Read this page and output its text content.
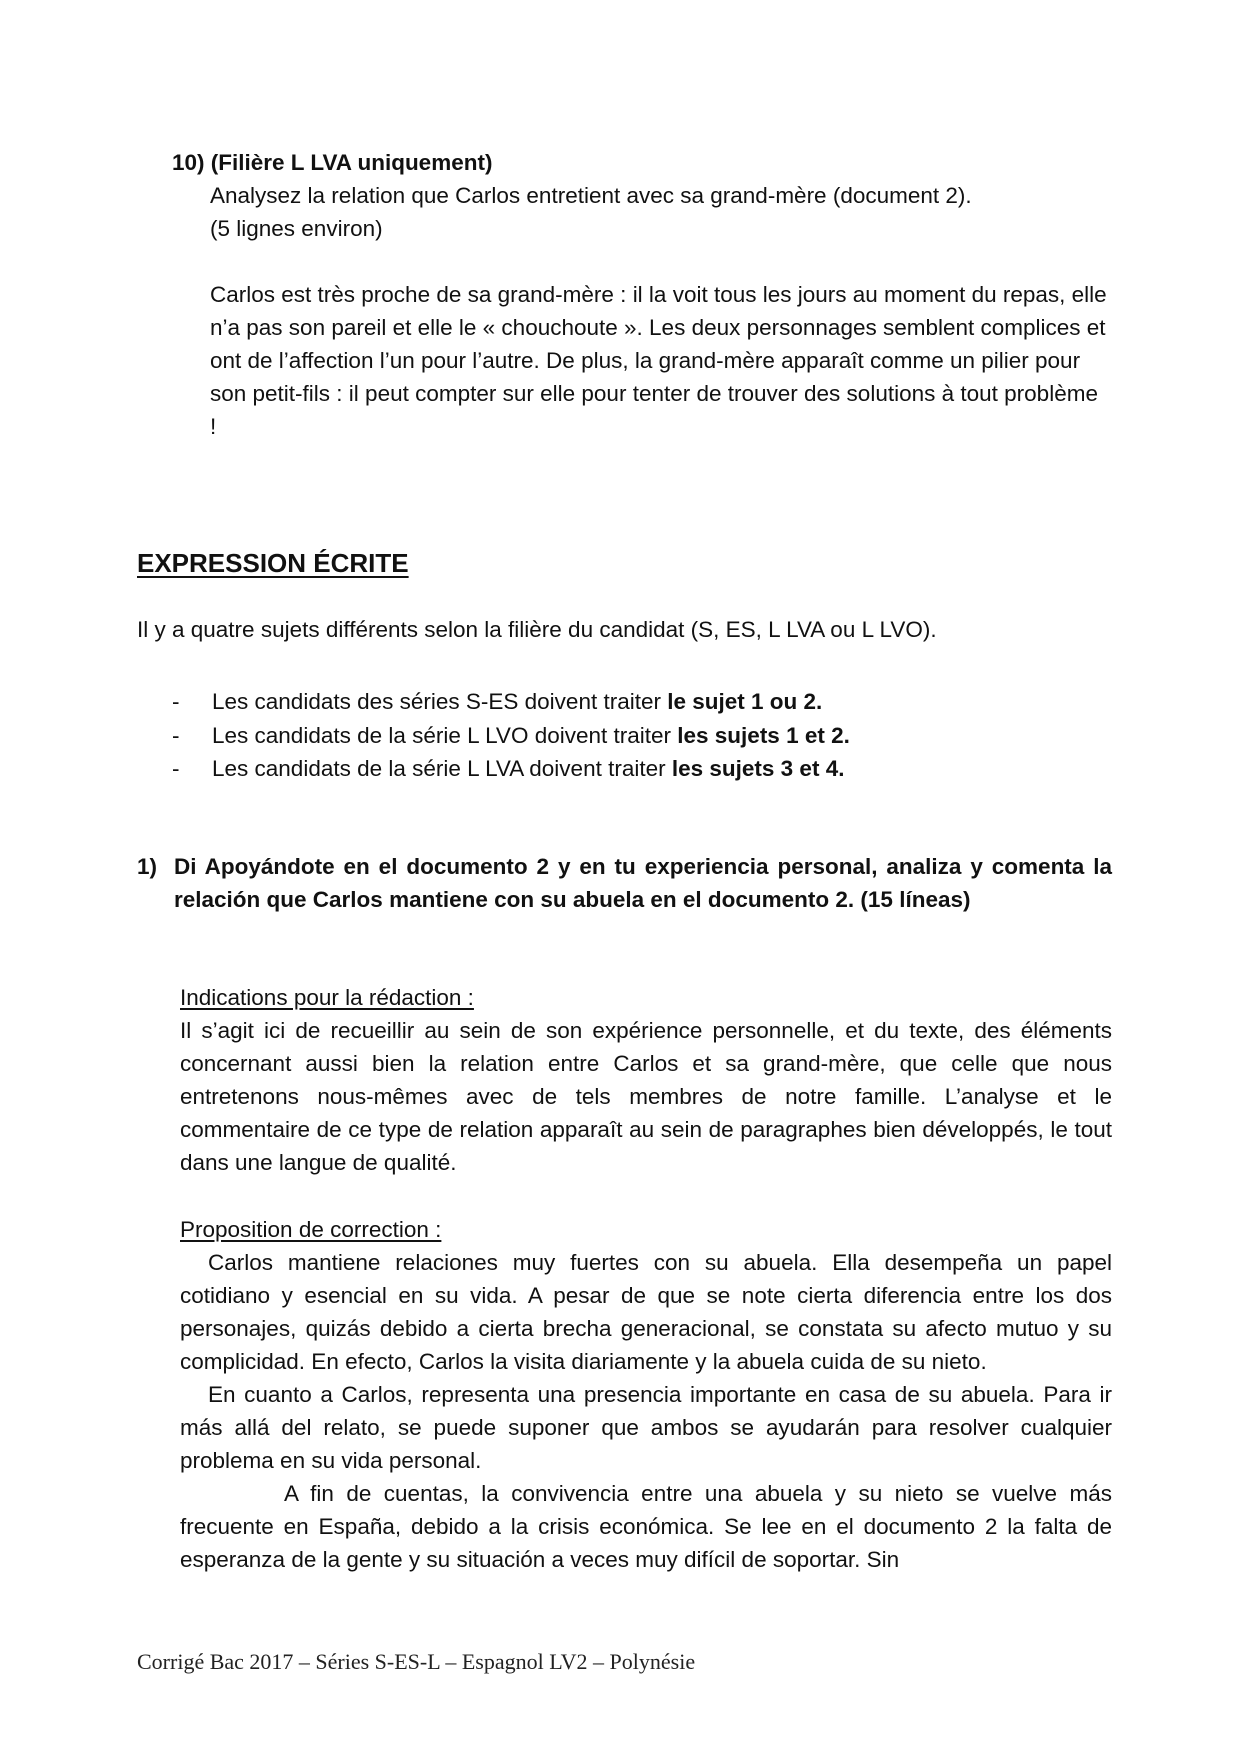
10) (Filière L LVA uniquement)
Analysez la relation que Carlos entretient avec sa grand-mère (document 2).
(5 lignes environ)

Carlos est très proche de sa grand-mère : il la voit tous les jours au moment du repas, elle n’a pas son pareil et elle le « chouchoute ». Les deux personnages semblent complices et ont de l’affection l’un pour l’autre. De plus, la grand-mère apparaît comme un pilier pour son petit-fils : il peut compter sur elle pour tenter de trouver des solutions à tout problème !

EXPRESSION ÉCRITE
Il y a quatre sujets différents selon la filière du candidat (S, ES, L LVA ou L LVO).
- Les candidats des séries S-ES doivent traiter le sujet 1 ou 2.
- Les candidats de la série L LVO doivent traiter les sujets 1 et 2.
- Les candidats de la série L LVA doivent traiter les sujets 3 et 4.
1) Di Apoyándote en el documento 2 y en tu experiencia personal, analiza y comenta la relación que Carlos mantiene con su abuela en el documento 2. (15 líneas)
Indications pour la rédaction :

Il s’agit ici de recueillir au sein de son expérience personnelle, et du texte, des éléments concernant aussi bien la relation entre Carlos et sa grand-mère, que celle que nous entretenons nous-mêmes avec de tels membres de notre famille. L’analyse et le commentaire de ce type de relation apparaît au sein de paragraphes bien développés, le tout dans une langue de qualité.

Proposition de correction :

Carlos mantiene relaciones muy fuertes con su abuela. Ella desempeña un papel cotidiano y esencial en su vida. A pesar de que se note cierta diferencia entre los dos personajes, quizás debido a cierta brecha generacional, se constata su afecto mutuo y su complicidad. En efecto, Carlos la visita diariamente y la abuela cuida de su nieto.

En cuanto a Carlos, representa una presencia importante en casa de su abuela. Para ir más allá del relato, se puede suponer que ambos se ayudarán para resolver cualquier problema en su vida personal.

A fin de cuentas, la convivencia entre una abuela y su nieto se vuelve más frecuente en España, debido a la crisis económica. Se lee en el documento 2 la falta de esperanza de la gente y su situación a veces muy difícil de soportar. Sin

Corrigé Bac 2017 – Séries S-ES-L – Espagnol LV2 – Polynésie
